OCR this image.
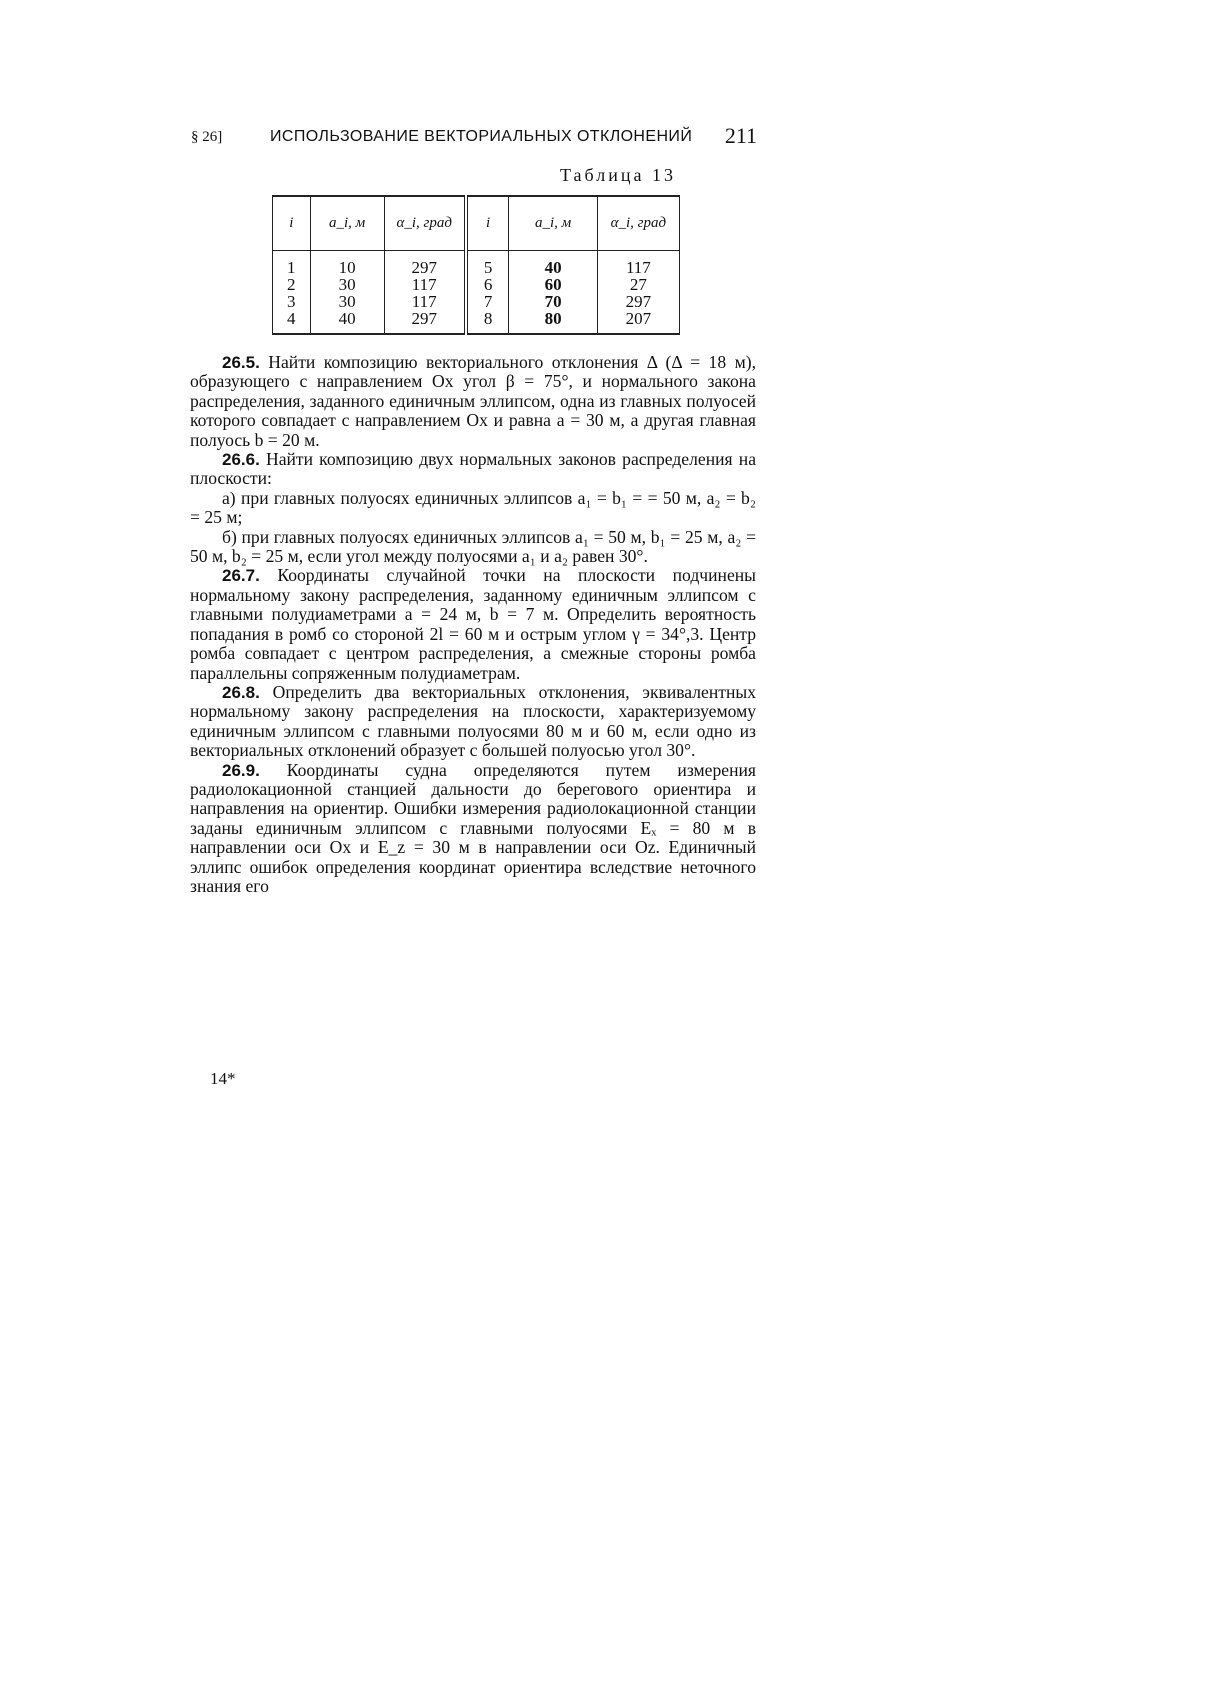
§ 26]	ИСПОЛЬЗОВАНИЕ ВЕКТОРИАЛЬНЫХ ОТКЛОНЕНИЙ 211
Таблица 13
i	a_i, м	α_i, град	i	a_i, м	α_i, град
1	10	297	5	40	117
2	30	117	6	60	27
3	30	117	7	70	297
4	40	297	8	80	207

26.5. Найти композицию векториального отклонения Δ (Δ = 18 м), образующего с направлением Ox угол β = 75°, и нормального закона распределения, заданного единичным эллипсом, одна из главных полуосей которого совпадает с направлением Ox и равна a = 30 м, а другая главная полуось b = 20 м.

26.6. Найти композицию двух нормальных законов распределения на плоскости:

а) при главных полуосях единичных эллипсов a₁ = b₁ = = 50 м, a₂ = b₂ = 25 м;

б) при главных полуосях единичных эллипсов a₁ = 50 м, b₁ = 25 м, a₂ = 50 м, b₂ = 25 м, если угол между полуосями a₁ и a₂ равен 30°.

26.7. Координаты случайной точки на плоскости подчинены нормальному закону распределения, заданному единичным эллипсом с главными полудиаметрами a = 24 м, b = 7 м. Определить вероятность попадания в ромб со стороной 2l = 60 м и острым углом γ = 34°,3. Центр ромба совпадает с центром распределения, а смежные стороны ромба параллельны сопряженным полудиаметрам.

26.8. Определить два векториальных отклонения, эквивалентных нормальному закону распределения на плоскости, характеризуемому единичным эллипсом с главными полуосями 80 м и 60 м, если одно из векториальных отклонений образует с большей полуосью угол 30°.

26.9. Координаты судна определяются путем измерения радиолокационной станцией дальности до берегового ориентира и направления на ориентир. Ошибки измерения радиолокационной станции заданы единичным эллипсом с главными полуосями Eₓ = 80 м в направлении оси Ox и E_z = 30 м в направлении оси Oz. Единичный эллипс ошибок определения координат ориентира вследствие неточного знания его

14*
